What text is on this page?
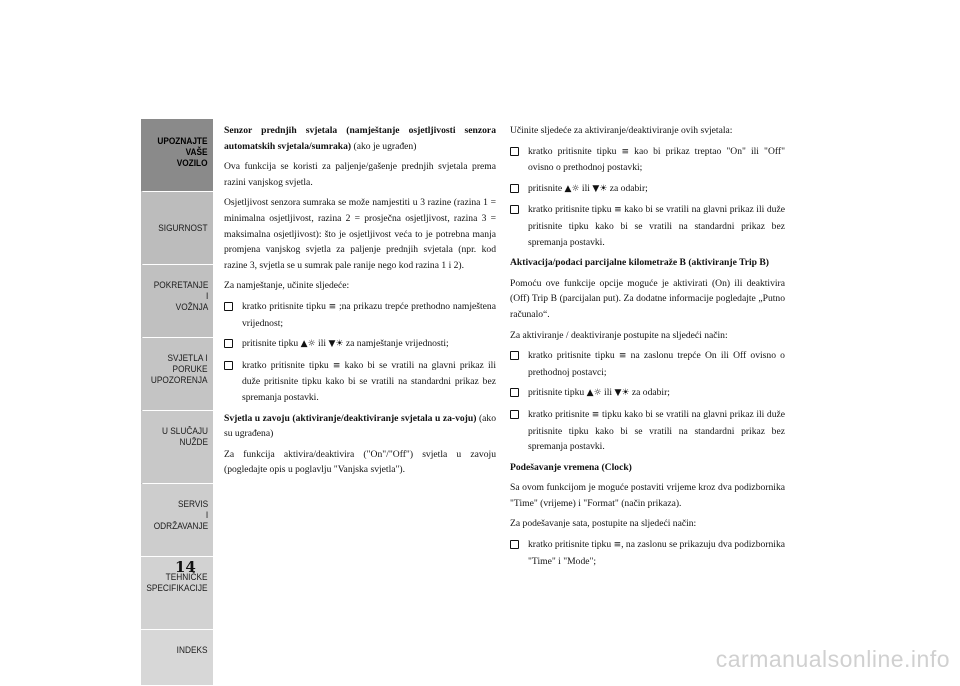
UPOZNAJTE
VAŠE
VOZILO
SIGURNOST
POKRETANJE
I
VOŽNJA
SVJETLA I
PORUKE
UPOZORENJA
U SLUČAJU
NUŽDE
SERVIS
I
ODRŽAVANJE
TEHNIČKE
SPECIFIKACIJE
INDEKS
14

Senzor prednjih svjetala (namještanje osjetljivosti senzora automatskih svjetala/sumraka) (ako je ugrađen)

Ova funkcija se koristi za paljenje/gašenje prednjih svjetala prema razini vanjskog svjetla.

Osjetljivost senzora sumraka se može namjestiti u 3 razine (razina 1 = minimalna osjetljivost, razina 2 = prosječna osjetljivost, razina 3 = maksimalna osjetljivost): što je osjetljivost veća to je potrebna manja promjena vanjskog svjetla za paljenje prednjih svjetala (npr. kod razine 3, svjetla se u sumrak pale ranije nego kod razina 1 i 2).

Za namještanje, učinite sljedeće:

kratko pritisnite tipku ≡ ;na prikazu trepće prethodno namještena vrijednost;
pritisnite tipku ▲☼ ili ▼☀ za namještanje vrijednosti;
kratko pritisnite tipku ≡ kako bi se vratili na glavni prikaz ili duže pritisnite tipku kako bi se vratili na standardni prikaz bez spremanja postavki.

Svjetla u zavoju (aktiviranje/deaktiviranje svjetala u za-voju) (ako su ugrađena)

Za funkcija aktivira/deaktivira ("On"/"Off") svjetla u zavoju (pogledajte opis u poglavlju "Vanjska svjetla").

Učinite sljedeće za aktiviranje/deaktiviranje ovih svjetala:

kratko pritisnite tipku ≡ kao bi prikaz treptao "On" ili "Off" ovisno o prethodnoj postavki;
pritisnite ▲☼ ili ▼☀ za odabir;
kratko pritisnite tipku ≡ kako bi se vratili na glavni prikaz ili duže pritisnite tipku kako bi se vratili na standardni prikaz bez spremanja postavki.

Aktivacija/podaci parcijalne kilometraže B (aktiviranje Trip B)

Pomoću ove funkcije opcije moguće je aktivirati (On) ili deaktivira (Off) Trip B (parcijalan put). Za dodatne informacije pogledajte „Putno računalo“.

Za aktiviranje / deaktiviranje postupite na sljedeći način:

kratko pritisnite tipku ≡ na zaslonu trepće On ili Off ovisno o prethodnoj postavci;
pritisnite tipku ▲☼ ili ▼☀ za odabir;
kratko pritisnite ≡ tipku kako bi se vratili na glavni prikaz ili duže pritisnite tipku kako bi se vratili na standardni prikaz bez spremanja postavki.

Podešavanje vremena (Clock)

Sa ovom funkcijom je moguće postaviti vrijeme kroz dva podizbornika "Time" (vrijeme) i "Format" (način prikaza).

Za podešavanje sata, postupite na sljedeći način:

kratko pritisnite tipku ≡, na zaslonu se prikazuju dva podizbornika "Time" i "Mode";
carmanualsonline.info
